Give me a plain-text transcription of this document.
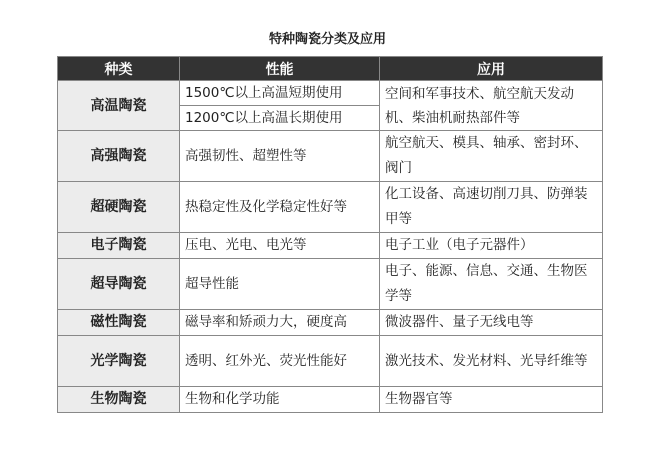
特种陶瓷分类及应用
种类	性能	应用
高温陶瓷	1500℃以上高温短期使用	空间和军事技术、航空航天发动机、柴油机耐热部件等
	1200℃以上高温长期使用	
高强陶瓷	高强韧性、超塑性等	航空航天、模具、轴承、密封环、阀门
超硬陶瓷	热稳定性及化学稳定性好等	化工设备、高速切削刀具、防弹装甲等
电子陶瓷	压电、光电、电光等	电子工业（电子元器件）
超导陶瓷	超导性能	电子、能源、信息、交通、生物医学等
磁性陶瓷	磁导率和矫顽力大，硬度高	微波器件、量子无线电等
光学陶瓷	透明、红外光、荧光性能好	激光技术、发光材料、光导纤维等
生物陶瓷	生物和化学功能	生物器官等
